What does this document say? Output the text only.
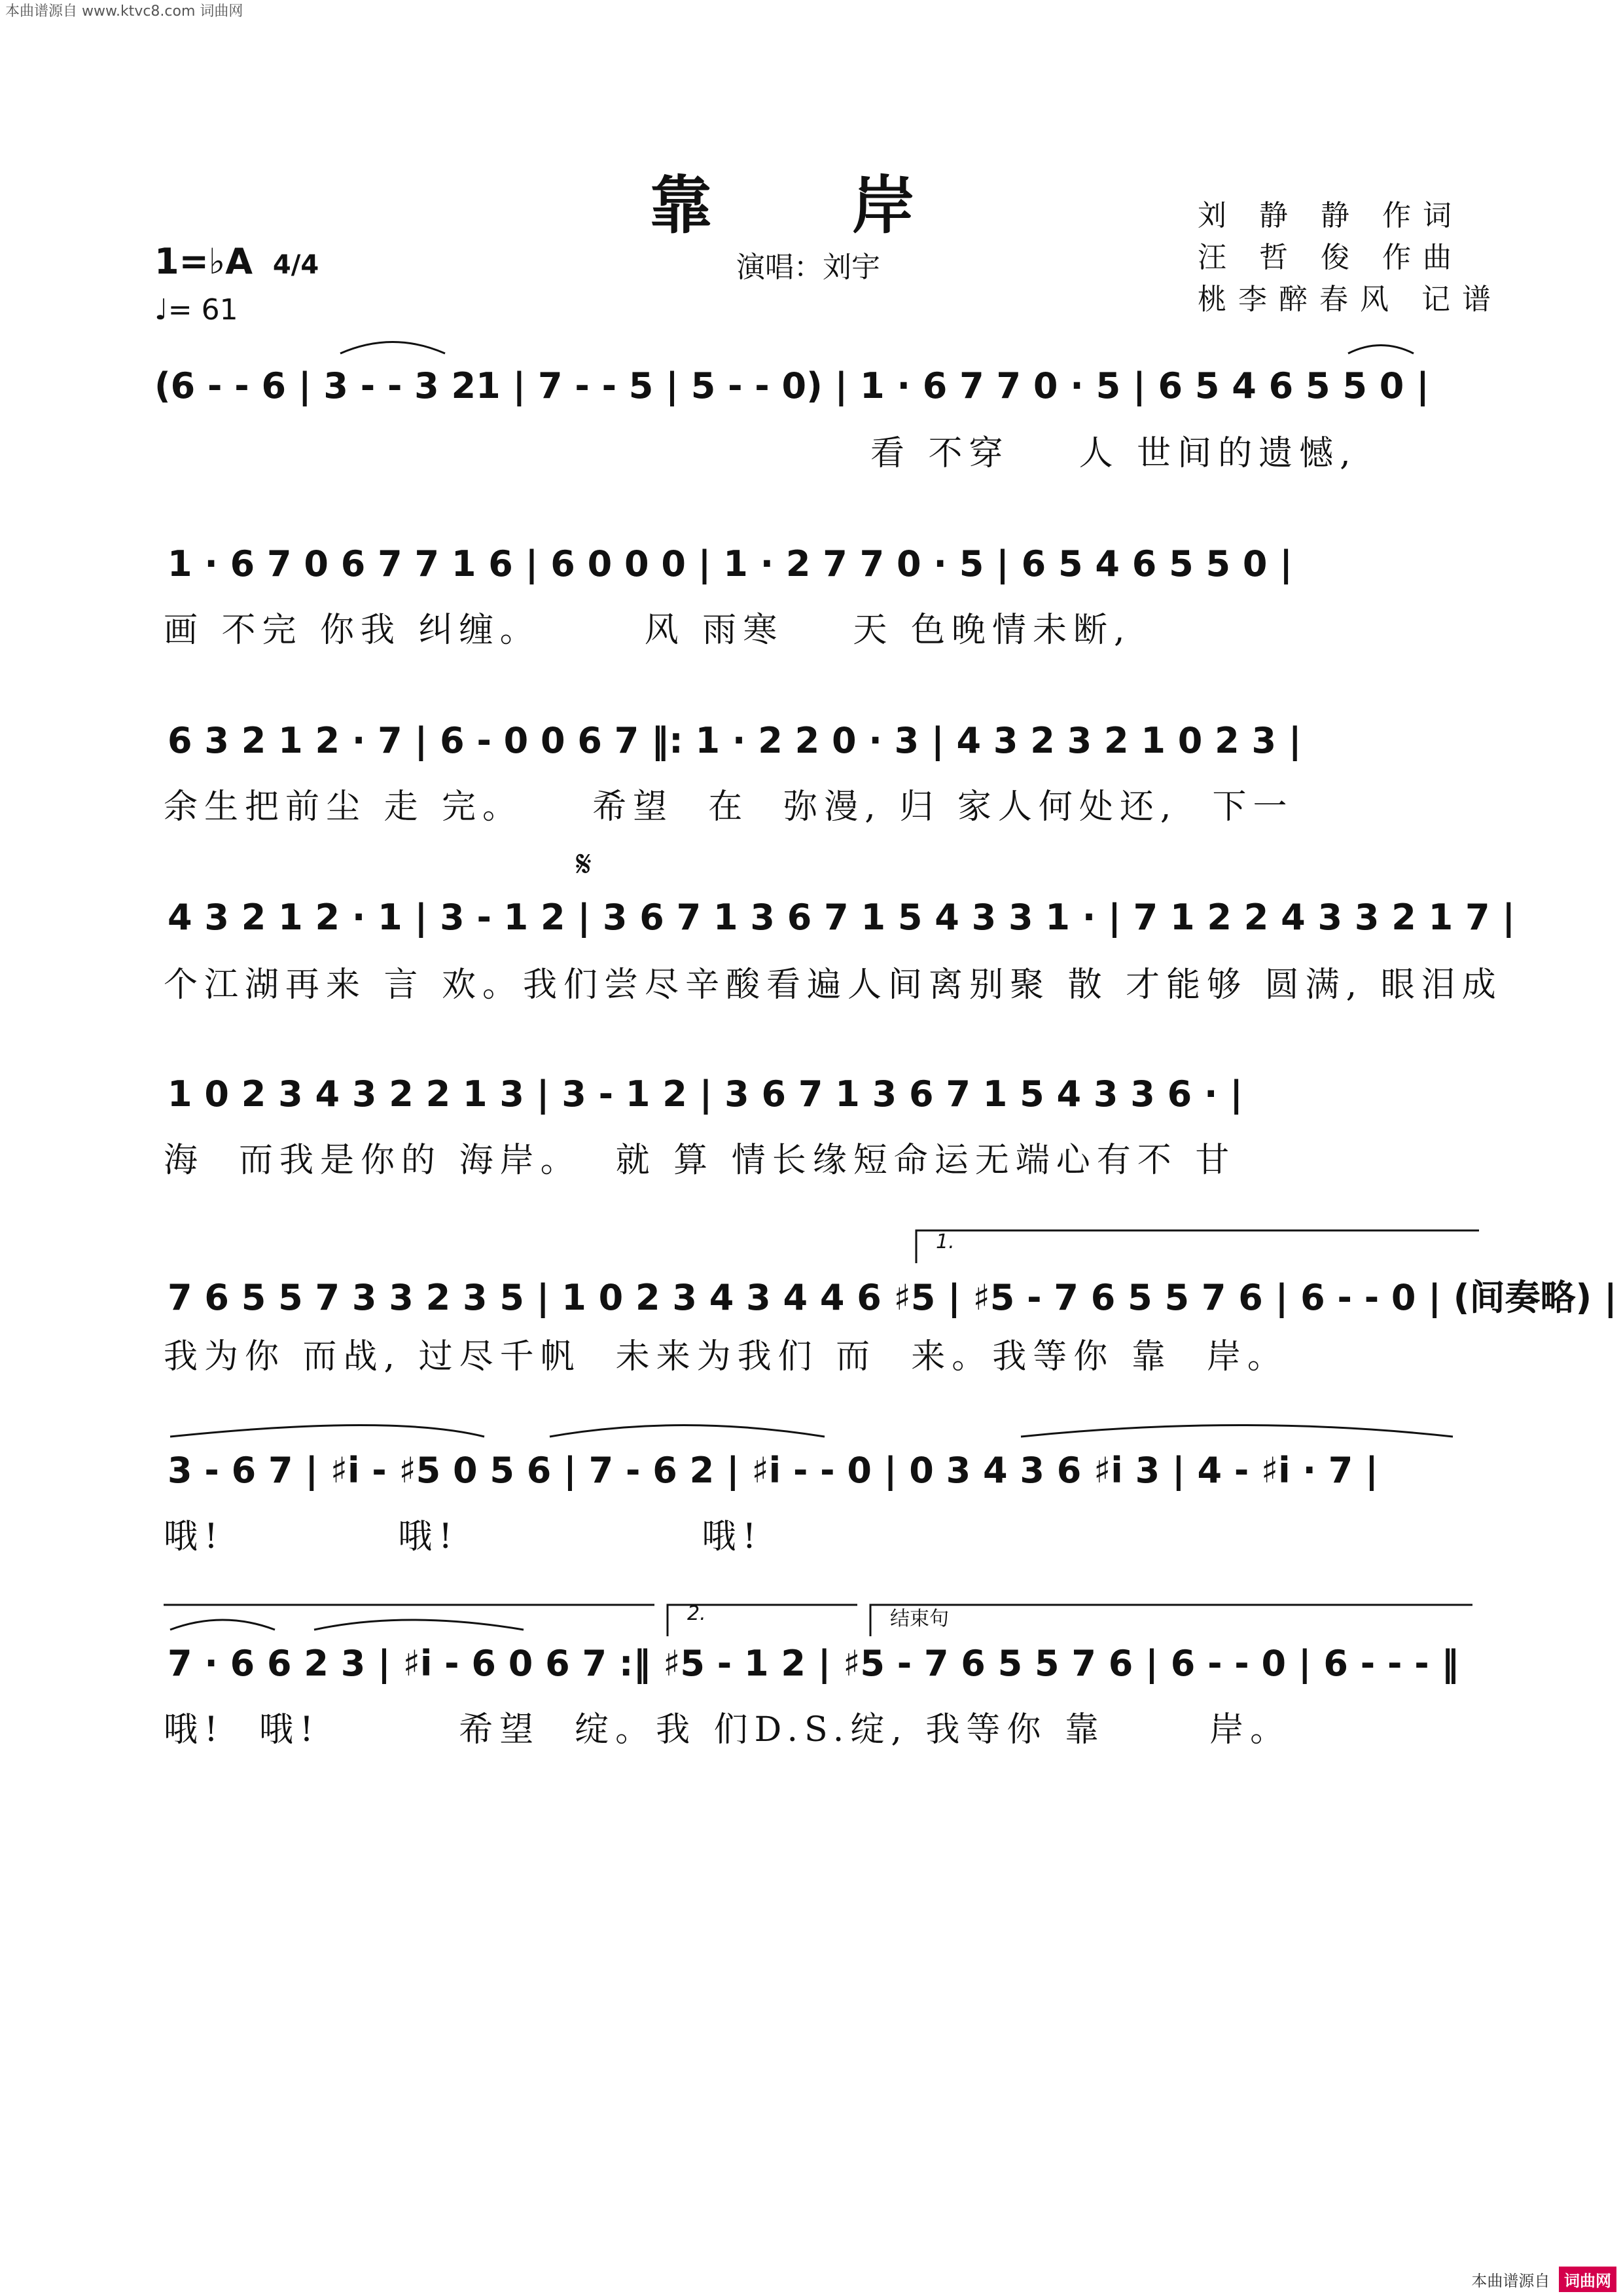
本曲谱源自 www.ktvc8.com 词曲网
靠 岸
演唱：刘宇
刘 静 静 作词
汪 哲 俊 作曲
桃李醉春风 记谱
1=♭A 4/4
♩= 61
(6 - - 6 | 3 - - 3 21 | 7 - - 5 | 5 - - 0) | 1 · 6 7 7 0 · 5 | 6 5 4 6 5 5 0 |
看 不穿    人 世间的遗憾,
1 · 6 7 0 6 7 7 1 6 | 6 0 0 0 | 1 · 2 7 7 0 · 5 | 6 5 4 6 5 5 0 |
画 不完 你我 纠缠。      风 雨寒    天 色晚情未断,
6 3 2 1 2 · 7 | 6 - 0 0 6 7 ‖: 1 · 2 2 0 · 3 | 4 3 2 3 2 1 0 2 3 |
余生把前尘 走 完。    希望  在  弥漫, 归 家人何处还,  下一
𝄋
4 3 2 1 2 · 1 | 3 - 1 2 | 3 6 7 1 3 6 7 1 5 4 3 3 1 · | 7 1 2 2 4 3 3 2 1 7 |
个江湖再来 言 欢。我们尝尽辛酸看遍人间离别聚 散 才能够 圆满, 眼泪成
1 0 2 3 4 3 2 2 1 3 | 3 - 1 2 | 3 6 7 1 3 6 7 1 5 4 3 3 6 · |
海  而我是你的 海岸。  就 算 情长缘短命运无端心有不 甘
1.
7 6 5 5 7 3 3 2 3 5 | 1 0 2 3 4 3 4 4 6 ♯5 | ♯5 - 7 6 5 5 7 6 | 6 - - 0 | (间奏略) |
我为你 而战, 过尽千帆  未来为我们 而  来。我等你 靠  岸。
3 - 6 7 | ♯i - ♯5 0 5 6 | 7 - 6 2 | ♯i - - 0 | 0 3 4 3 6 ♯i 3 | 4 - ♯i · 7 |
哦!          哦!              哦!
2.	结束句
7 · 6 6 2 3 | ♯i - 6 0 6 7 :‖ ♯5 - 1 2 | ♯5 - 7 6 5 5 7 6 | 6 - - 0 | 6 - - - ‖
哦!  哦!        希望  绽。我 们D.S.绽, 我等你 靠      岸。
本曲谱源自 词曲网
